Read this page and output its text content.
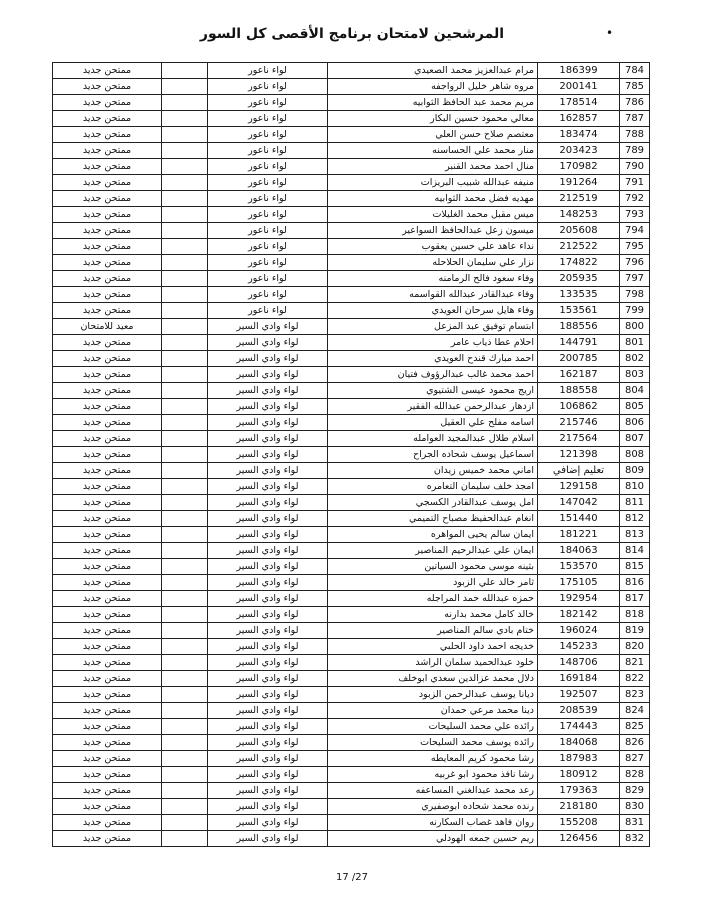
المرشحين لامتحان برنامج الأقصى كل السور	•
784	186399	مرام عبدالعزيز محمد الصعيدي	لواء ناعور		ممتحن جديد
785	200141	مروه شاهر خليل الرواجفه	لواء ناعور		ممتحن جديد
786	178514	مريم محمد عبد الحافظ الثوابيه	لواء ناعور		ممتحن جديد
787	162857	معالي محمود حسين البكار	لواء ناعور		ممتحن جديد
788	183474	معتصم صلاح حسن العلي	لواء ناعور		ممتحن جديد
789	203423	منار محمد علي الحساسنه	لواء ناعور		ممتحن جديد
790	170982	منال احمد محمد القنبر	لواء ناعور		ممتحن جديد
791	191264	منيفه عبدالله شبيب البريزات	لواء ناعور		ممتحن جديد
792	212519	مهديه فضل محمد الثوابيه	لواء ناعور		ممتحن جديد
793	148253	ميس مقبل محمد الغليلات	لواء ناعور		ممتحن جديد
794	205608	ميسون زعل عبدالحافظ السواعير	لواء ناعور		ممتحن جديد
795	212522	نداء عاهد علي حسين يعقوب	لواء ناعور		ممتحن جديد
796	174822	نزار علي سليمان الحلاحله	لواء ناعور		ممتحن جديد
797	205935	وفاء سعود فالح الرمامنه	لواء ناعور		ممتحن جديد
798	133535	وفاء عبدالقادر عبدالله القواسمه	لواء ناعور		ممتحن جديد
799	153561	وفاء هايل سرحان العويدي	لواء ناعور		ممتحن جديد
800	188556	ابتسام توفيق عبد المزعل	لواء وادي السير		معيد للامتحان
801	144791	احلام عطا ذياب عامر	لواء وادي السير		ممتحن جديد
802	200785	احمد مبارك قندح العويدي	لواء وادي السير		ممتحن جديد
803	162187	احمد محمد غالب عبدالرؤوف فتيان	لواء وادي السير		ممتحن جديد
804	188558	اريج محمود عيسى الشتيوي	لواء وادي السير		ممتحن جديد
805	106862	ازدهار عبدالرحمن عبدالله الفقير	لواء وادي السير		ممتحن جديد
806	215746	اسامه مفلح علي العقيل	لواء وادي السير		ممتحن جديد
807	217564	اسلام طلال عبدالمجيد العوامله	لواء وادي السير		ممتحن جديد
808	121398	اسماعيل يوسف شحاده الجراح	لواء وادي السير		ممتحن جديد
809	تعليم إضافي	اماني محمد خميس زيدان	لواء وادي السير		ممتحن جديد
810	129158	امجد خلف سليمان التعامره	لواء وادي السير		ممتحن جديد
811	147042	امل يوسف عبدالقادر الكسجي	لواء وادي السير		ممتحن جديد
812	151440	انغام عبدالحفيظ مصباح التميمي	لواء وادي السير		ممتحن جديد
813	181221	ايمان سالم يحيى المواهره	لواء وادي السير		ممتحن جديد
814	184063	ايمان علي عبدالرحيم المناصير	لواء وادي السير		ممتحن جديد
815	153570	بثينه موسى محمود السياتين	لواء وادي السير		ممتحن جديد
816	175105	ثامر خالد علي الزبود	لواء وادي السير		ممتحن جديد
817	192954	حمزه عبدالله حمد المراجله	لواء وادي السير		ممتحن جديد
818	182142	خالد كامل محمد بدارنه	لواء وادي السير		ممتحن جديد
819	196024	ختام بادي سالم المناصير	لواء وادي السير		ممتحن جديد
820	145233	خديجه احمد داود الحلبي	لواء وادي السير		ممتحن جديد
821	148706	خلود عبدالحميد سلمان الراشد	لواء وادي السير		ممتحن جديد
822	169184	دلال محمد عزالدين سعدي ابوخلف	لواء وادي السير		ممتحن جديد
823	192507	ديانا يوسف عبدالرحمن الزبود	لواء وادي السير		ممتحن جديد
824	208539	دينا محمد مرعي حمدان	لواء وادي السير		ممتحن جديد
825	174443	رائده علي محمد السليحات	لواء وادي السير		ممتحن جديد
826	184068	رائده يوسف محمد السليحات	لواء وادي السير		ممتحن جديد
827	187983	رشا محمود كريم المعايطه	لواء وادي السير		ممتحن جديد
828	180912	رشا نافذ محمود ابو غربيه	لواء وادي السير		ممتحن جديد
829	179363	رعد محمد عبدالغني المساعفه	لواء وادي السير		ممتحن جديد
830	218180	رنده محمد شحاده ابوصفيري	لواء وادي السير		ممتحن جديد
831	155208	روان فاهد غصاب السكارنه	لواء وادي السير		ممتحن جديد
832	126456	ريم حسين جمعه الهودلي	لواء وادي السير		ممتحن جديد
17 /27
